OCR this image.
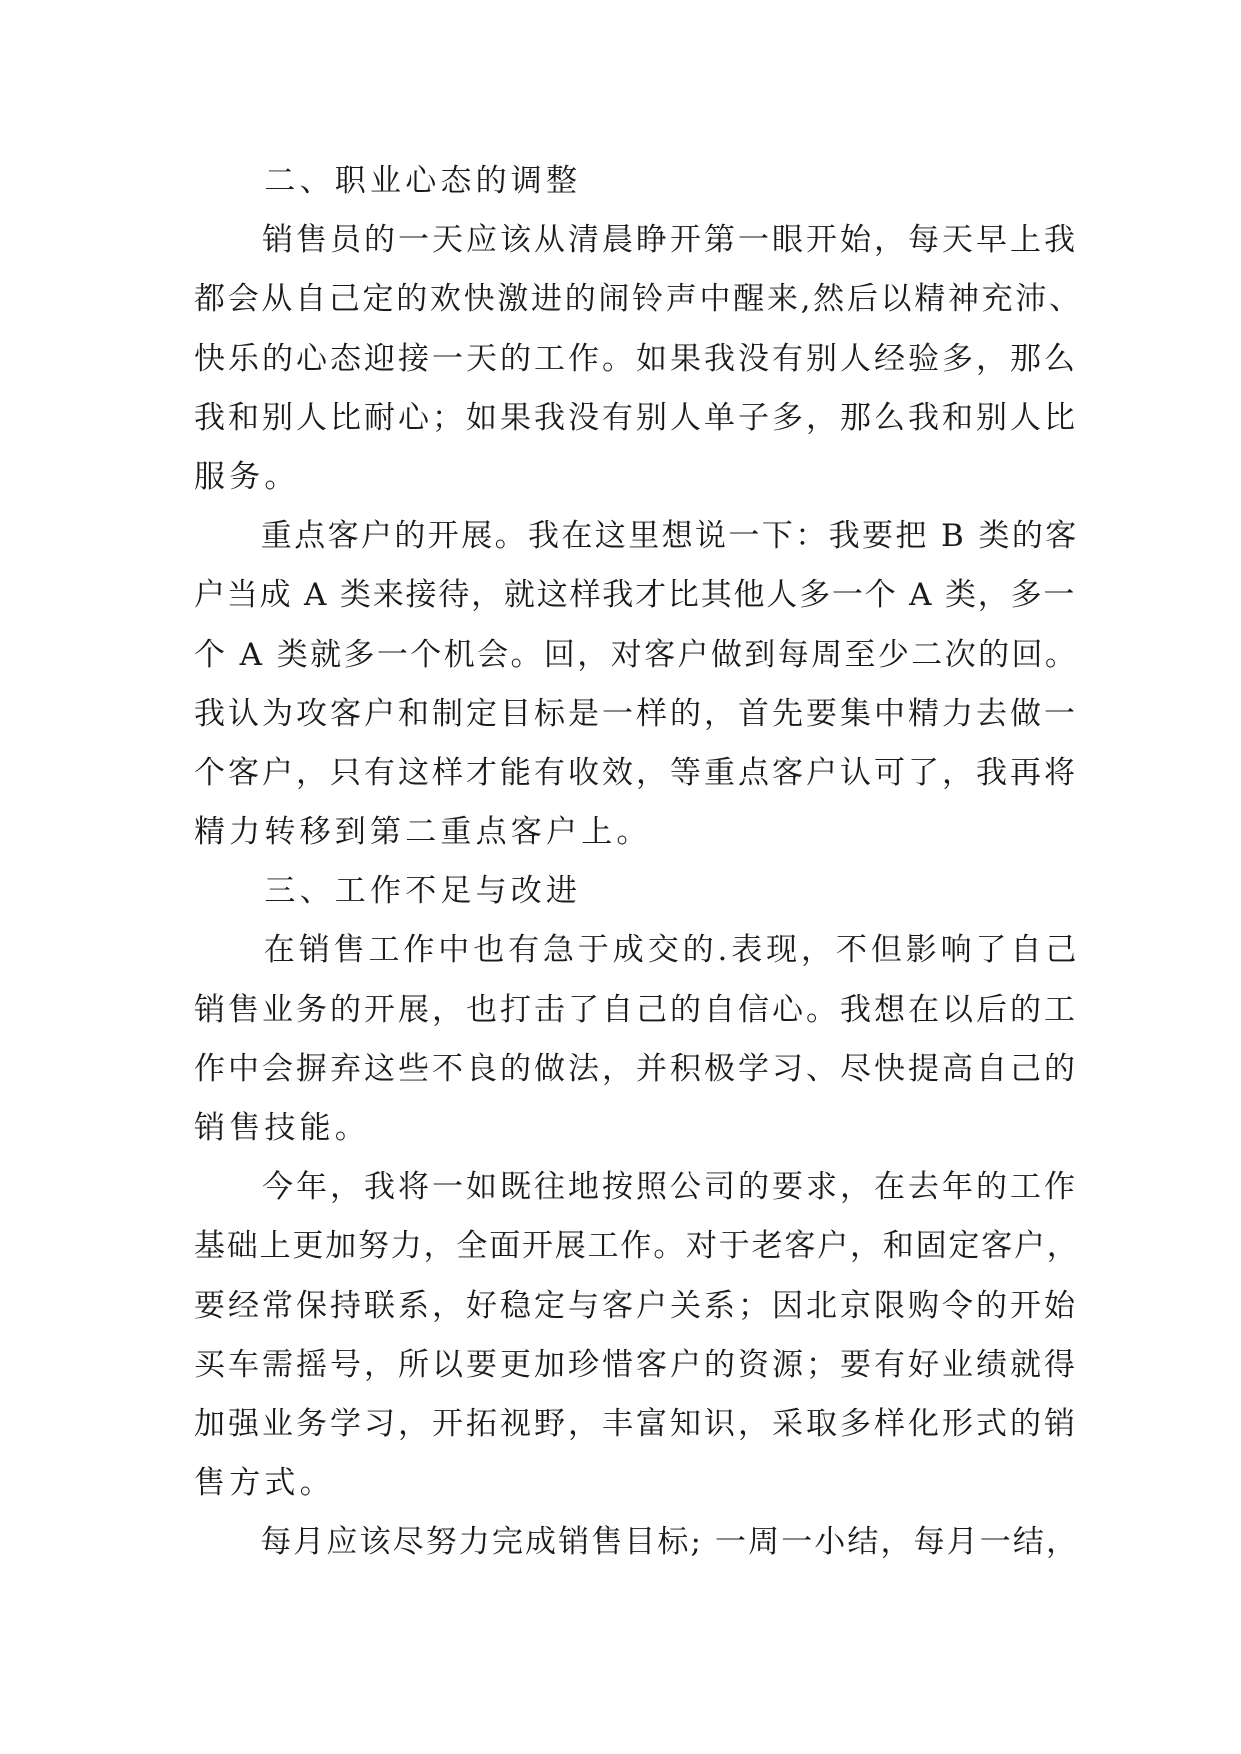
　　二、职业心态的调整
　　销售员的一天应该从清晨睁开第一眼开始，每天早上我
都会从自己定的欢快激进的闹铃声中醒来,然后以精神充沛、
快乐的心态迎接一天的工作。如果我没有别人经验多，那么
我和别人比耐心；如果我没有别人单子多，那么我和别人比
服务。
　　重点客户的开展。我在这里想说一下：我要把 B 类的客
户当成 A 类来接待，就这样我才比其他人多一个 A 类，多一
个 A 类就多一个机会。回，对客户做到每周至少二次的回。
我认为攻客户和制定目标是一样的，首先要集中精力去做一
个客户，只有这样才能有收效，等重点客户认可了，我再将
精力转移到第二重点客户上。
　　三、工作不足与改进
　　在销售工作中也有急于成交的.表现，不但影响了自己
销售业务的开展，也打击了自己的自信心。我想在以后的工
作中会摒弃这些不良的做法，并积极学习、尽快提高自己的
销售技能。
　　今年，我将一如既往地按照公司的要求，在去年的工作
基础上更加努力，全面开展工作。对于老客户，和固定客户，
要经常保持联系，好稳定与客户关系；因北京限购令的开始
买车需摇号，所以要更加珍惜客户的资源；要有好业绩就得
加强业务学习，开拓视野，丰富知识，采取多样化形式的销
售方式。
　　每月应该尽努力完成销售目标; 一周一小结，每月一结，
